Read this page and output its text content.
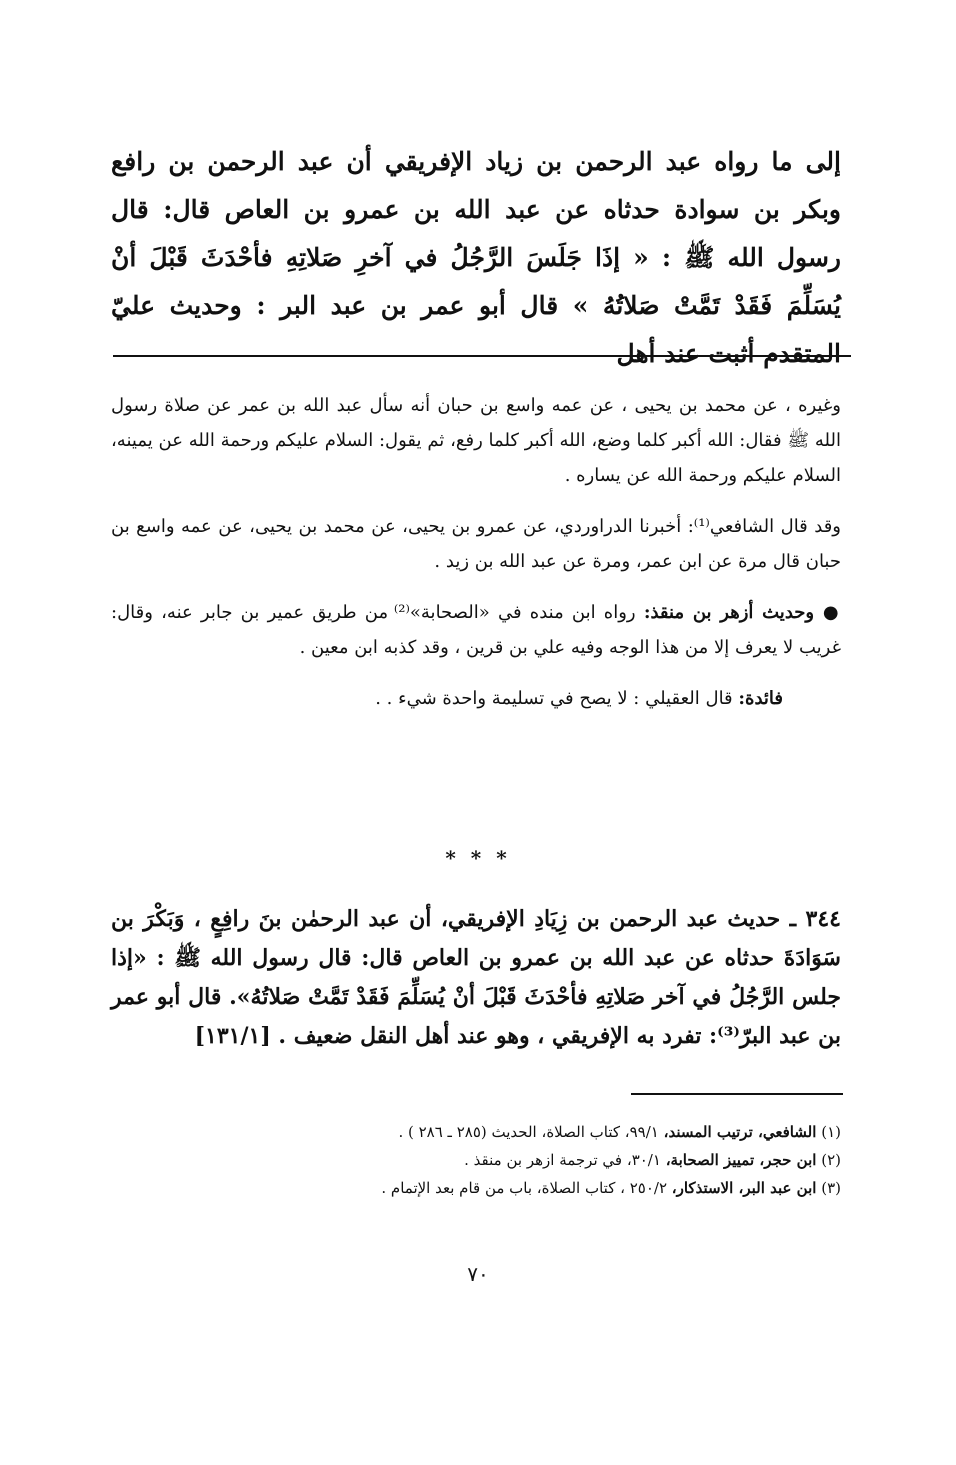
إلى ما رواه عبد الرحمن بن زياد الإفريقي أن عبد الرحمن بن رافع وبكر بن سوادة حدثاه عن عبد الله بن عمرو بن العاص قال: قال رسول الله ﷺ : « إذَا جَلَسَ الرَّجُلُ في آخرِ صَلاتِهِ فأحْدَثَ قَبْلَ أنْ يُسَلِّمَ فَقَدْ تَمَّتْ صَلاتُهُ » قال أبو عمر بن عبد البر : وحديث عليّ المتقدم أثبت عند أهل

وغيره ، عن محمد بن يحيى ، عن عمه واسع بن حبان أنه سأل عبد الله بن عمر عن صلاة رسول الله ﷺ فقال: الله أكبر كلما وضع، الله أكبر كلما رفع، ثم يقول: السلام عليكم ورحمة الله عن يمينه، السلام عليكم ورحمة الله عن يساره .

وقد قال الشافعي⁽¹⁾: أخبرنا الدراوردي، عن عمرو بن يحيى، عن محمد بن يحيى، عن عمه واسع بن حبان قال مرة عن ابن عمر، ومرة عن عبد الله بن زيد .

● وحديث أزهر بن منقذ: رواه ابن منده في «الصحابة»⁽²⁾ من طريق عمير بن جابر عنه، وقال: غريب لا يعرف إلا من هذا الوجه وفيه علي بن قرين ، وقد كذبه ابن معين .

فائدة: قال العقيلي : لا يصح في تسليمة واحدة شيء . .

* * *

٣٤٤ ـ حديث عبد الرحمن بن زِيَادِ الإفريقي، أن عبد الرحمٰن بنَ رافِعٍ ، وَبَكْرَ بن سَوَادَةَ حدثاه عن عبد الله بن عمرو بن العاص قال: قال رسول الله ﷺ : «إذا جلس الرَّجُلُ في آخر صَلاتِهِ فأحْدَثَ قَبْلَ أنْ يُسَلِّمَ فَقَدْ تَمَّتْ صَلاتُهُ». قال أبو عمر بن عبد البرّ⁽³⁾: تفرد به الإفريقي ، وهو عند أهل النقل ضعيف . [١٣١/١]

(١) الشافعي، ترتيب المسند، ٩٩/١، كتاب الصلاة، الحديث (٢٨٥ ـ ٢٨٦ ) .

(٢) ابن حجر، تمييز الصحابة، ٣٠/١، في ترجمة ازهر بن منقذ .

(٣) ابن عبد البر، الاستذكار، ٢٥٠/٢ ، كتاب الصلاة، باب من قام بعد الإتمام .

٧٠
